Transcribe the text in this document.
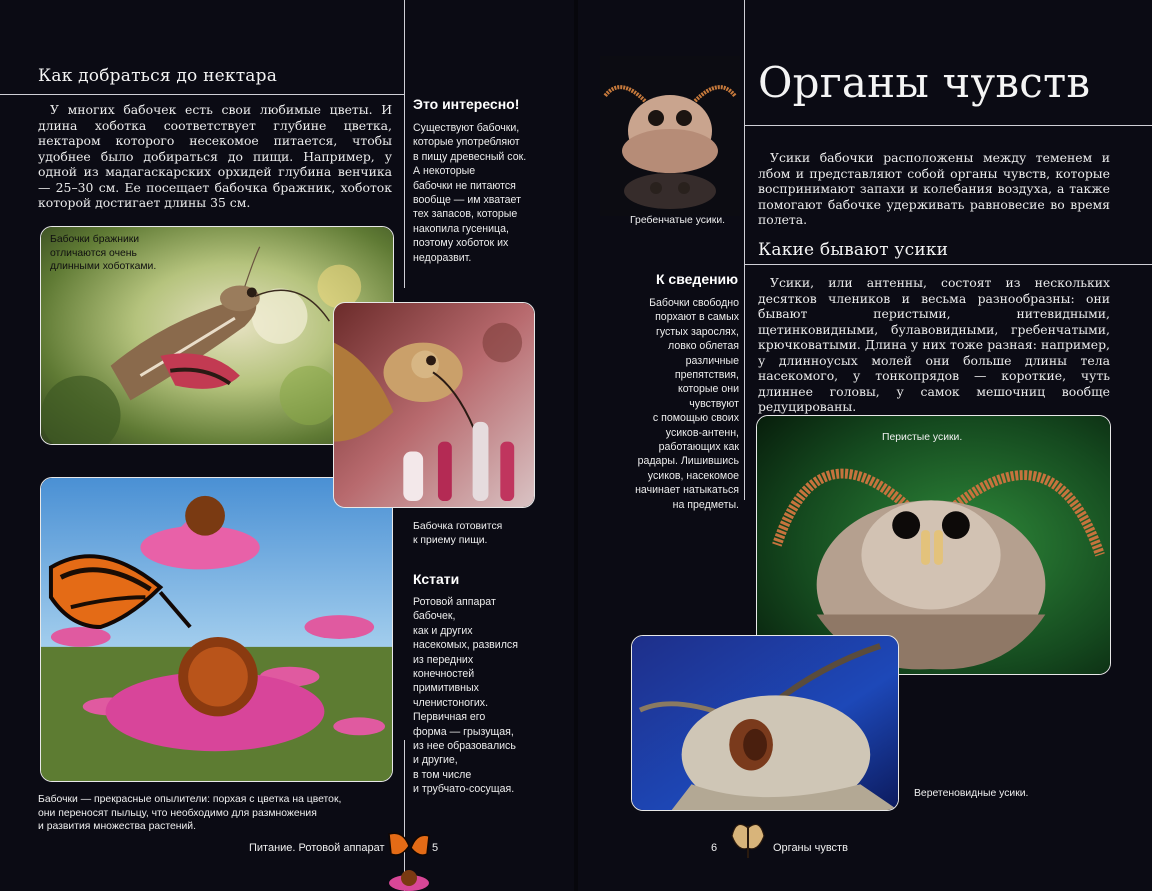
Как добраться до нектара
У многих бабочек есть свои любимые цветы. И длина хоботка соответствует глубине цветка, нектаром которого несекомое питается, чтобы удобнее было добираться до пищи. Например, у одной из мадагаскарских орхидей глубина венчика — 25–30 см. Ее посещает бабочка бражник, хоботок которой достигает длины 35 см.
Это интересно!
Существуют бабочки,
которые употребляют
в пищу древесный сок.
А некоторые
бабочки не питаются
вообще — им хватает
тех запасов, которые
накопила гусеница,
поэтому хоботок их
недоразвит.
Бабочки бражники
отличаются очень
длинными хоботками.
Бабочка готовится
к приему пищи.
Кстати
Ротовой аппарат
бабочек,
как и других
насекомых, развился
из передних
конечностей
примитивных
членистоногих.
Первичная его
форма — грызущая,
из нее образовались
и другие,
в том числе
и трубчато-сосущая.
Бабочки — прекрасные опылители: порхая с цветка на цветок,
они переносят пыльцу, что необходимо для размножения
и развития множества растений.
Питание. Ротовой аппарат	5
Гребенчатые усики.
Органы чувств
Усики бабочки расположены между теменем и лбом и представляют собой органы чувств, которые воспринимают запахи и колебания воздуха, а также помогают бабочке удерживать равновесие во время полета.
К сведению
Бабочки свободно
порхают в самых
густых зарослях,
ловко облетая
различные
препятствия,
которые они
чувствуют
с помощью своих
усиков-антенн,
работающих как
радары. Лишившись
усиков, насекомое
начинает натыкаться
на предметы.
Какие бывают усики
Усики, или антенны, состоят из нескольких десятков члеников и весьма разнообразны: они бывают перистыми, нитевидными, щетинковидными, булавовидными, гребенчатыми, крючковатыми. Длина у них тоже разная: например, у длинноусых молей они больше длины тела насекомого, у тонкопрядов — короткие, чуть длиннее головы, у самок мешочниц вообще редуцированы.
Перистые усики.
Веретеновидные усики.
6	Органы чувств
